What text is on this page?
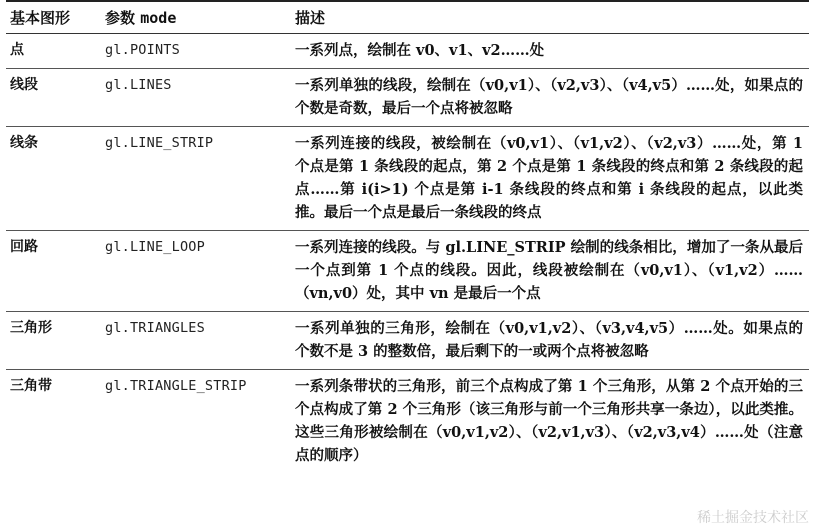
基本图形	参数 mode	描述
点	gl.POINTS	一系列点，绘制在 v0、v1、v2……处
线段	gl.LINES	一系列单独的线段，绘制在（v0,v1）、（v2,v3）、（v4,v5）……处，如果点的个数是奇数，最后一个点将被忽略
线条	gl.LINE_STRIP	一系列连接的线段，被绘制在（v0,v1）、（v1,v2）、（v2,v3）……处，第 1 个点是第 1 条线段的起点，第 2 个点是第 1 条线段的终点和第 2 条线段的起点……第 i(i>1) 个点是第 i-1 条线段的终点和第 i 条线段的起点，以此类推。最后一个点是最后一条线段的终点
回路	gl.LINE_LOOP	一系列连接的线段。与 gl.LINE_STRIP 绘制的线条相比，增加了一条从最后一个点到第 1 个点的线段。因此，线段被绘制在（v0,v1）、（v1,v2）……（vn,v0）处，其中 vn 是最后一个点
三角形	gl.TRIANGLES	一系列单独的三角形，绘制在（v0,v1,v2）、（v3,v4,v5）……处。如果点的个数不是 3 的整数倍，最后剩下的一或两个点将被忽略
三角带	gl.TRIANGLE_STRIP	一系列条带状的三角形，前三个点构成了第 1 个三角形，从第 2 个点开始的三个点构成了第 2 个三角形（该三角形与前一个三角形共享一条边），以此类推。这些三角形被绘制在（v0,v1,v2）、（v2,v1,v3）、（v2,v3,v4）……处（注意点的顺序）
稀土掘金技术社区
